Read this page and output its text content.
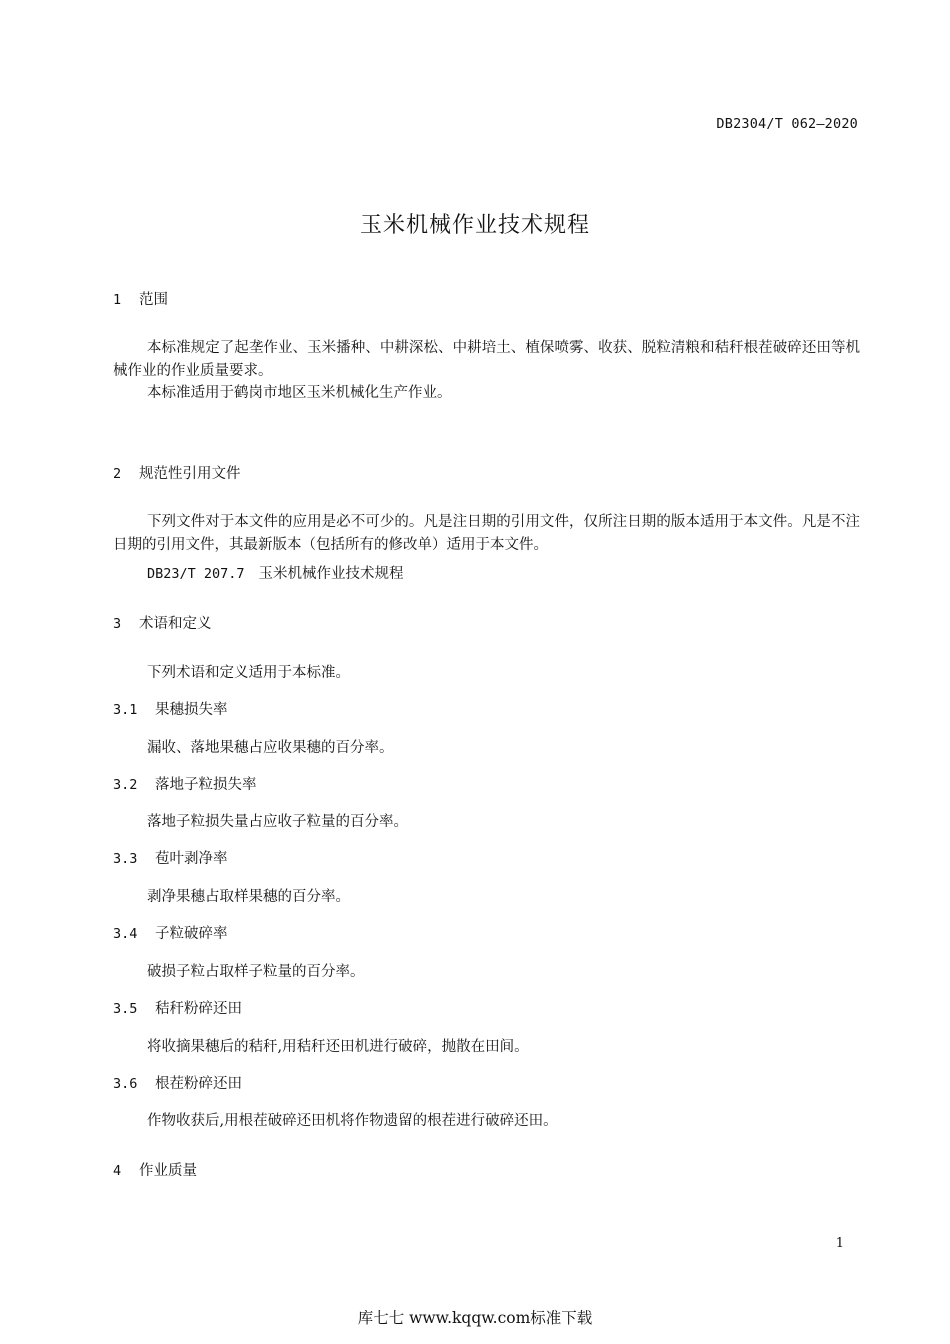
DB2304/T 062—2020
玉米机械作业技术规程
1 范围

本标准规定了起垄作业、玉米播种、中耕深松、中耕培土、植保喷雾、收获、脱粒清粮和秸秆根茬破碎还田等机械作业的作业质量要求。

本标准适用于鹤岗市地区玉米机械化生产作业。

2 规范性引用文件

下列文件对于本文件的应用是必不可少的。凡是注日期的引用文件，仅所注日期的版本适用于本文件。凡是不注日期的引用文件，其最新版本（包括所有的修改单）适用于本文件。

DB23/T 207.7 玉米机械作业技术规程
3 术语和定义
下列术语和定义适用于本标准。
3.1 果穗损失率
漏收、落地果穗占应收果穗的百分率。
3.2 落地子粒损失率
落地子粒损失量占应收子粒量的百分率。
3.3 苞叶剥净率
剥净果穗占取样果穗的百分率。
3.4 子粒破碎率
破损子粒占取样子粒量的百分率。
3.5 秸秆粉碎还田
将收摘果穗后的秸秆,用秸秆还田机进行破碎，抛散在田间。
3.6 根茬粉碎还田
作物收获后,用根茬破碎还田机将作物遗留的根茬进行破碎还田。
4 作业质量
1
库七七 www.kqqw.com标准下载
